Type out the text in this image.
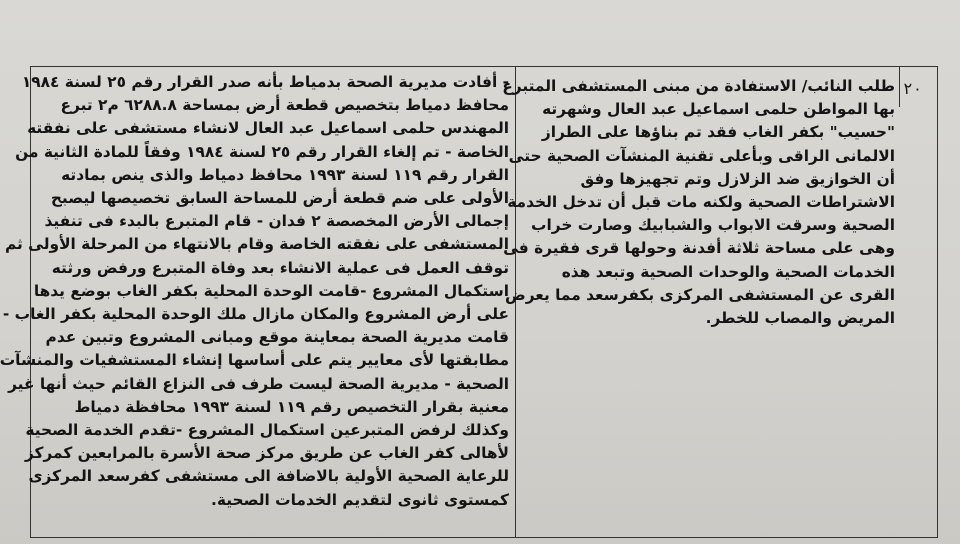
٢٠
طلب النائب/ الاستفادة من مبنى المستشفى المتبرع
بها المواطن حلمى اسماعيل عبد العال وشهرته
"حسيب" بكفر الغاب فقد تم بناؤها على الطراز
الالمانى الراقى وبأعلى تقنية المنشآت الصحية حتى
أن الخوازيق ضد الزلازل وتم تجهيزها وفق
الاشتراطات الصحية ولكنه مات قبل أن تدخل الخدمة
الصحية وسرقت الابواب والشبابيك وصارت خراب
وهى على مساحة ثلاثة أفدنة وحولها قرى فقيرة فى
الخدمات الصحية والوحدات الصحية وتبعد هذه
القرى عن المستشفى المركزى بكفرسعد مما يعرض
المريض والمصاب للخطر.
- أفادت مديرية الصحة بدمياط بأنه صدر القرار رقم ٢٥ لسنة ١٩٨٤
محافظ دمياط بتخصيص قطعة أرض بمساحة ٦٢٨٨.٨ م٢ تبرع
المهندس حلمى اسماعيل عبد العال لانشاء مستشفى على نفقته
الخاصة - تم إلغاء القرار رقم ٢٥ لسنة ١٩٨٤ وفقاً للمادة الثانية من
القرار رقم ١١٩ لسنة ١٩٩٣ محافظ دمياط والذى ينص بمادته
الأولى على ضم قطعة أرض للمساحة السابق تخصيصها ليصبح
إجمالى الأرض المخصصة ٢ فدان - قام المتبرع بالبدء فى تنفيذ
المستشفى على نفقته الخاصة وقام بالانتهاء من المرحلة الأولى ثم
توقف العمل فى عملية الانشاء بعد وفاة المتبرع ورفض ورثته
استكمال المشروع -قامت الوحدة المحلية بكفر الغاب بوضع يدها
على أرض المشروع والمكان مازال ملك الوحدة المحلية بكفر الغاب -
قامت مديرية الصحة بمعاينة موقع ومبانى المشروع وتبين عدم
مطابقتها لأى معايير يتم على أساسها إنشاء المستشفيات والمنشآت
الصحية - مديرية الصحة ليست طرف فى النزاع القائم حيث أنها غير
معنية بقرار التخصيص رقم ١١٩ لسنة ١٩٩٣ محافظة دمياط
وكذلك لرفض المتبرعين استكمال المشروع -تقدم الخدمة الصحية
لأهالى كفر الغاب عن طريق مركز صحة الأسرة بالمرابعين كمركز
للرعاية الصحية الأولية بالاضافة الى مستشفى كفرسعد المركزى
كمستوى ثانوى لتقديم الخدمات الصحية.
